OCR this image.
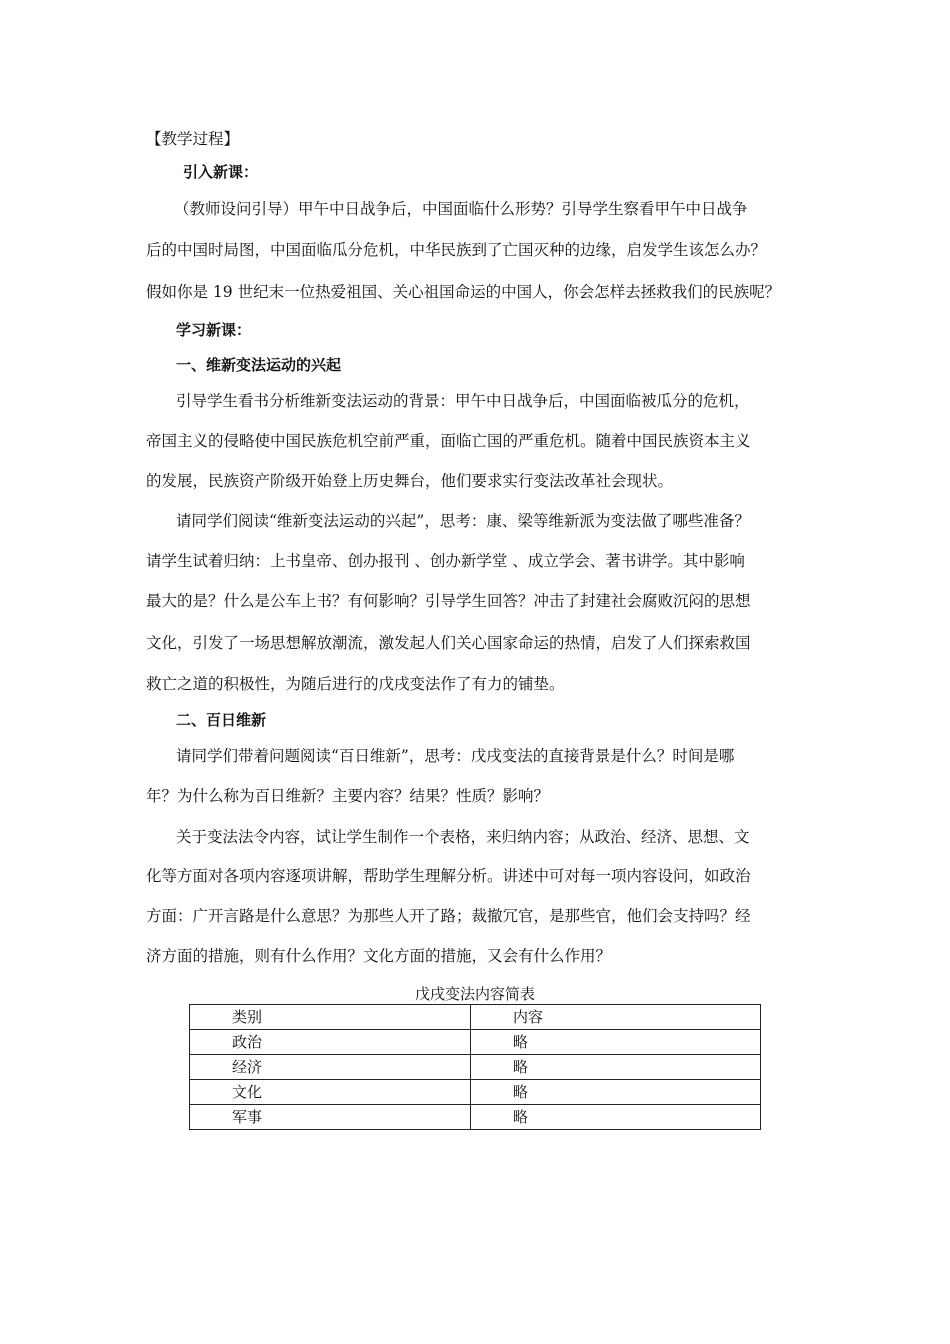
【教学过程】
引入新课：
（教师设问引导）甲午中日战争后，中国面临什么形势？引导学生察看甲午中日战争
后的中国时局图，中国面临瓜分危机，中华民族到了亡国灭种的边缘，启发学生该怎么办？
假如你是 19 世纪末一位热爱祖国、关心祖国命运的中国人，你会怎样去拯救我们的民族呢？
学习新课：
一、维新变法运动的兴起
引导学生看书分析维新变法运动的背景：甲午中日战争后，中国面临被瓜分的危机，
帝国主义的侵略使中国民族危机空前严重，面临亡国的严重危机。随着中国民族资本主义
的发展，民族资产阶级开始登上历史舞台，他们要求实行变法改革社会现状。
请同学们阅读“维新变法运动的兴起”，思考：康、梁等维新派为变法做了哪些准备？
请学生试着归纳：上书皇帝、创办报刊 、创办新学堂 、成立学会、著书讲学。其中影响
最大的是？什么是公车上书？有何影响？引导学生回答？冲击了封建社会腐败沉闷的思想
文化，引发了一场思想解放潮流，激发起人们关心国家命运的热情，启发了人们探索救国
救亡之道的积极性，为随后进行的戊戌变法作了有力的铺垫。
二、百日维新
请同学们带着问题阅读“百日维新”，思考：戊戌变法的直接背景是什么？时间是哪
年？为什么称为百日维新？主要内容？结果？性质？影响？
关于变法法令内容，试让学生制作一个表格，来归纳内容；从政治、经济、思想、文
化等方面对各项内容逐项讲解，帮助学生理解分析。讲述中可对每一项内容设问，如政治
方面：广开言路是什么意思？为那些人开了路；裁撤冗官，是那些官，他们会支持吗？经
济方面的措施，则有什么作用？文化方面的措施，又会有什么作用？
戊戌变法内容简表
类别	内容
政治	略
经济	略
文化	略
军事	略
